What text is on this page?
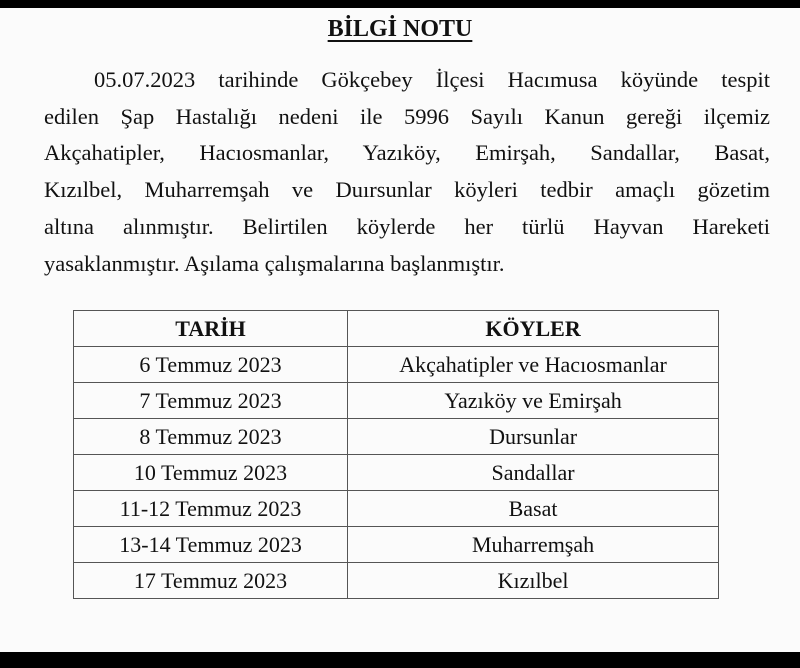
BİLGİ NOTU
05.07.2023 tarihinde Gökçebey İlçesi Hacımusa köyünde tespit
edilen Şap Hastalığı nedeni ile 5996 Sayılı Kanun gereği ilçemiz
Akçahatipler, Hacıosmanlar, Yazıköy, Emirşah, Sandallar, Basat,
Kızılbel, Muharremşah ve Duırsunlar köyleri tedbir amaçlı gözetim
altına alınmıştır. Belirtilen köylerde her türlü Hayvan Hareketi
yasaklanmıştır. Aşılama çalışmalarına başlanmıştır.
TARİH	KÖYLER
6 Temmuz 2023	Akçahatipler ve Hacıosmanlar
7 Temmuz 2023	Yazıköy ve Emirşah
8 Temmuz 2023	Dursunlar
10 Temmuz 2023	Sandallar
11-12 Temmuz 2023	Basat
13-14 Temmuz 2023	Muharremşah
17 Temmuz 2023	Kızılbel
